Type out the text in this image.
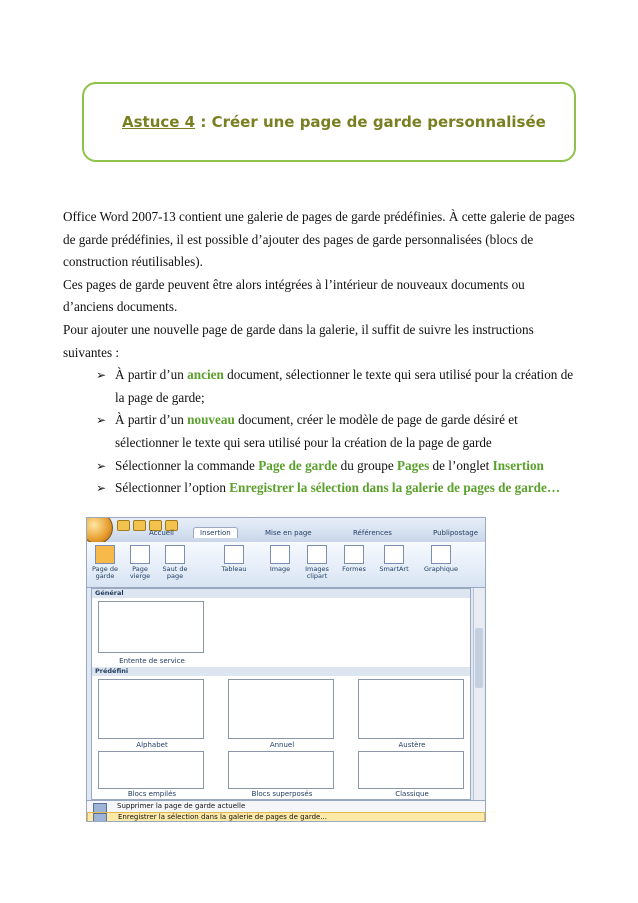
Astuce 4 : Créer une page de garde personnalisée

Office Word 2007-13 contient une galerie de pages de garde prédéfinies. À cette galerie de pages de garde prédéfinies, il est possible d’ajouter des pages de garde personnalisées (blocs de construction réutilisables).

Ces pages de garde peuvent être alors intégrées à l’intérieur de nouveaux documents ou d’anciens documents.

Pour ajouter une nouvelle page de garde dans la galerie, il suffit de suivre les instructions suivantes :

➢ À partir d’un ancien document, sélectionner le texte qui sera utilisé pour la création de la page de garde;

➢ À partir d’un nouveau document, créer le modèle de page de garde désiré et sélectionner le texte qui sera utilisé pour la création de la page de garde

➢ Sélectionner la commande Page de garde du groupe Pages de l’onglet Insertion

➢ Sélectionner l’option Enregistrer la sélection dans la galerie de pages de garde…

Accueil	Insertion	Mise en page	Références	Publipostage
Page de garde
Page vierge
Saut de page
Tableau	Image	Images clipart
Formes	SmartArt	Graphique
Général
Entente de service
Prédéfini
Alphabet	Annuel	Austère
Blocs empilés	Blocs superposés	Classique
Supprimer la page de garde actuelle
Enregistrer la sélection dans la galerie de pages de garde...
